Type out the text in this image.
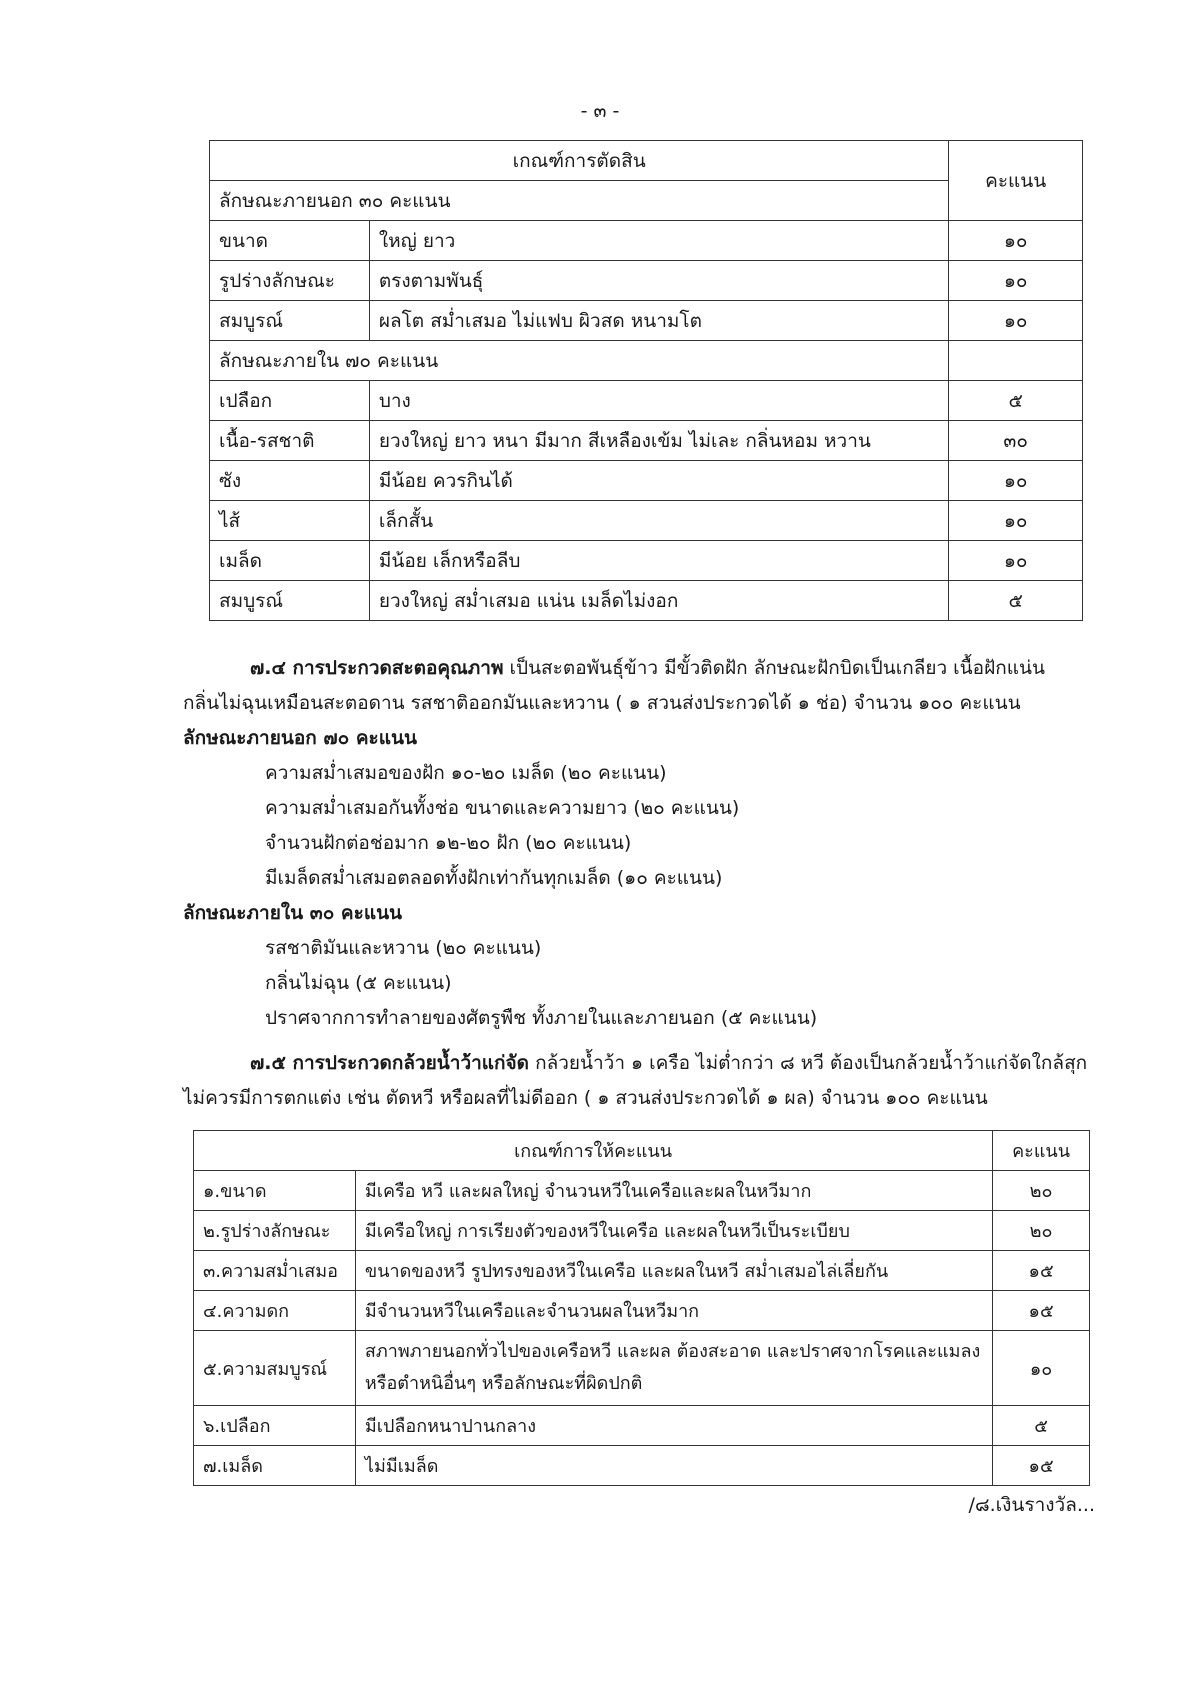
- ๓ -
เกณฑ์การตัดสิน		คะแนน
ลักษณะภายนอก ๓๐ คะแนน		
ขนาด	ใหญ่ ยาว	๑๐
รูปร่างลักษณะ	ตรงตามพันธุ์	๑๐
สมบูรณ์	ผลโต สม่ำเสมอ ไม่แฟบ ผิวสด หนามโต	๑๐
ลักษณะภายใน ๗๐ คะแนน		
เปลือก	บาง	๕
เนื้อ-รสชาติ	ยวงใหญ่ ยาว หนา มีมาก สีเหลืองเข้ม ไม่เละ กลิ่นหอม หวาน	๓๐
ซัง	มีน้อย ควรกินได้	๑๐
ไส้	เล็กสั้น	๑๐
เมล็ด	มีน้อย เล็กหรือลีบ	๑๐
สมบูรณ์	ยวงใหญ่ สม่ำเสมอ แน่น เมล็ดไม่งอก	๕
๗.๔ การประกวดสะตอคุณภาพ เป็นสะตอพันธุ์ข้าว มีขั้วติดฝัก ลักษณะฝักบิดเป็นเกลียว เนื้อฝักแน่น
กลิ่นไม่ฉุนเหมือนสะตอดาน รสชาติออกมันและหวาน ( ๑ สวนส่งประกวดได้ ๑ ช่อ) จำนวน ๑๐๐ คะแนน
ลักษณะภายนอก ๗๐ คะแนน
ความสม่ำเสมอของฝัก ๑๐-๒๐ เมล็ด (๒๐ คะแนน)
ความสม่ำเสมอกันทั้งช่อ ขนาดและความยาว (๒๐ คะแนน)
จำนวนฝักต่อช่อมาก ๑๒-๒๐ ฝัก (๒๐ คะแนน)
มีเมล็ดสม่ำเสมอตลอดทั้งฝักเท่ากันทุกเมล็ด (๑๐ คะแนน)
ลักษณะภายใน ๓๐ คะแนน
รสชาติมันและหวาน (๒๐ คะแนน)
กลิ่นไม่ฉุน (๕ คะแนน)
ปราศจากการทำลายของศัตรูพืช ทั้งภายในและภายนอก (๕ คะแนน)
๗.๕ การประกวดกล้วยน้ำว้าแก่จัด กล้วยน้ำว้า ๑ เครือ ไม่ต่ำกว่า ๘ หวี ต้องเป็นกล้วยน้ำว้าแก่จัดใกล้สุก
ไม่ควรมีการตกแต่ง เช่น ตัดหวี หรือผลที่ไม่ดีออก ( ๑ สวนส่งประกวดได้ ๑ ผล) จำนวน ๑๐๐ คะแนน
เกณฑ์การให้คะแนน		คะแนน
๑.ขนาด	มีเครือ หวี และผลใหญ่ จำนวนหวีในเครือและผลในหวีมาก	๒๐
๒.รูปร่างลักษณะ	มีเครือใหญ่ การเรียงตัวของหวีในเครือ และผลในหวีเป็นระเบียบ	๒๐
๓.ความสม่ำเสมอ	ขนาดของหวี รูปทรงของหวีในเครือ และผลในหวี สม่ำเสมอไล่เลี่ยกัน	๑๕
๔.ความดก	มีจำนวนหวีในเครือและจำนวนผลในหวีมาก	๑๕
๕.ความสมบูรณ์	สภาพภายนอกทั่วไปของเครือหวี และผล ต้องสะอาด และปราศจากโรคและแมลงหรือตำหนิอื่นๆ หรือลักษณะที่ผิดปกติ	๑๐
๖.เปลือก	มีเปลือกหนาปานกลาง	๕
๗.เมล็ด	ไม่มีเมล็ด	๑๕
/๘.เงินรางวัล...
